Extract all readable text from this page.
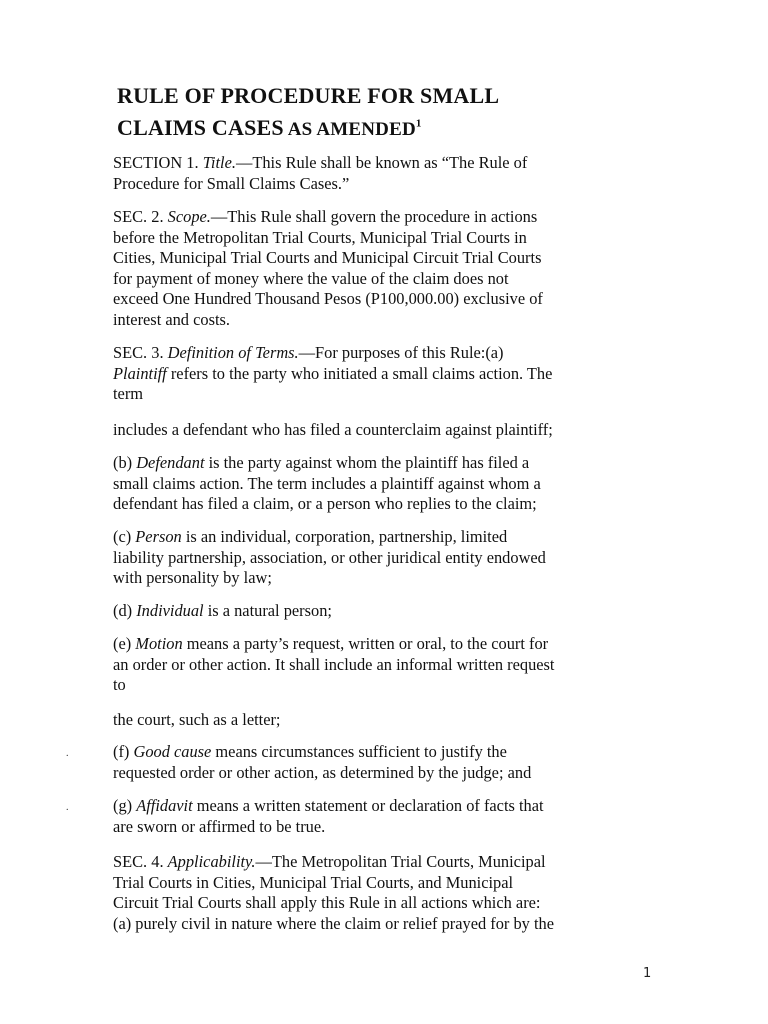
RULE OF PROCEDURE FOR SMALL
CLAIMS CASES AS AMENDED$^1$

SECTION 1. Title.—This Rule shall be known as “The Rule of
Procedure for Small Claims Cases.”

SEC. 2. Scope.—This Rule shall govern the procedure in actions
before the Metropolitan Trial Courts, Municipal Trial Courts in
Cities, Municipal Trial Courts and Municipal Circuit Trial Courts
for payment of money where the value of the claim does not
exceed One Hundred Thousand Pesos (P100,000.00) exclusive of
interest and costs.

SEC. 3. Definition of Terms.—For purposes of this Rule:(a)
Plaintiff refers to the party who initiated a small claims action. The
term

includes a defendant who has filed a counterclaim against plaintiff;

(b) Defendant is the party against whom the plaintiff has filed a
small claims action. The term includes a plaintiff against whom a
defendant has filed a claim, or a person who replies to the claim;

(c) Person is an individual, corporation, partnership, limited
liability partnership, association, or other juridical entity endowed
with personality by law;

(d) Individual is a natural person;

(e) Motion means a party’s request, written or oral, to the court for
an order or other action. It shall include an informal written request
to

the court, such as a letter;

.	(f) Good cause means circumstances sufficient to justify the
requested order or other action, as determined by the judge; and

.	(g) Affidavit means a written statement or declaration of facts that
are sworn or affirmed to be true.

SEC. 4. Applicability.—The Metropolitan Trial Courts, Municipal
Trial Courts in Cities, Municipal Trial Courts, and Municipal
Circuit Trial Courts shall apply this Rule in all actions which are:
(a) purely civil in nature where the claim or relief prayed for by the

1
